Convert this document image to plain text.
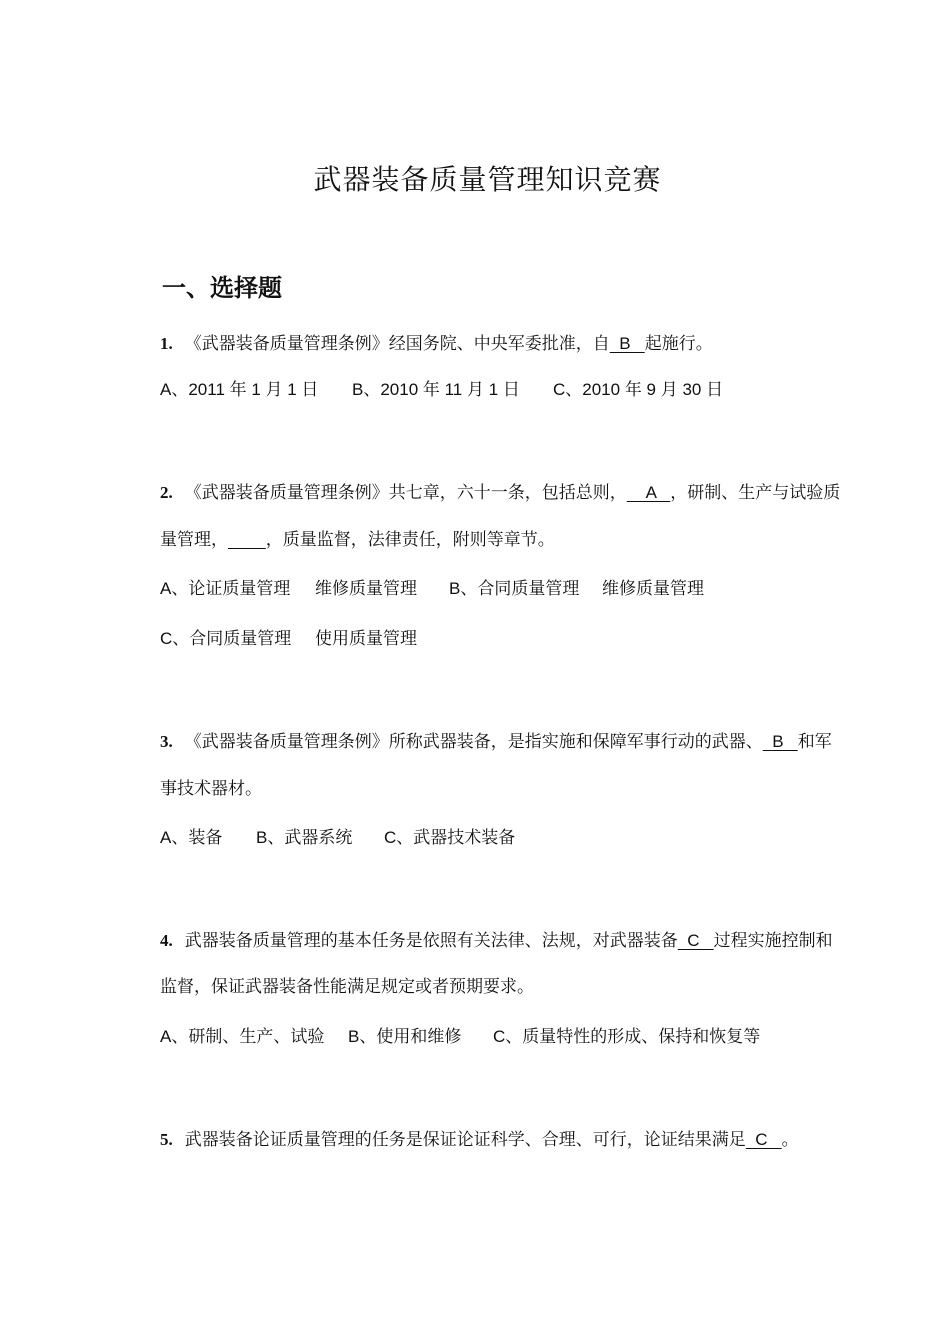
武器装备质量管理知识竞赛
一、选择题
1. 《武器装备质量管理条例》经国务院、中央军委批准，自  B   起施行。
A、2011 年 1 月 1 日 B、2010 年 11 月 1 日 C、2010 年 9 月 30 日
2. 《武器装备质量管理条例》共七章，六十一条，包括总则，    A   ，研制、生产与试验质
量管理， ，质量监督，法律责任，附则等章节。
A、论证质量管理 维修质量管理 B、合同质量管理 维修质量管理
C、合同质量管理 使用质量管理
3. 《武器装备质量管理条例》所称武器装备，是指实施和保障军事行动的武器、  B   和军
事技术器材。
A、装备 B、武器系统 C、武器技术装备
4. 武器装备质量管理的基本任务是依照有关法律、法规，对武器装备  C   过程实施控制和
监督，保证武器装备性能满足规定或者预期要求。
A、研制、生产、试验 B、使用和维修 C、质量特性的形成、保持和恢复等
5. 武器装备论证质量管理的任务是保证论证科学、合理、可行，论证结果满足  C   。
